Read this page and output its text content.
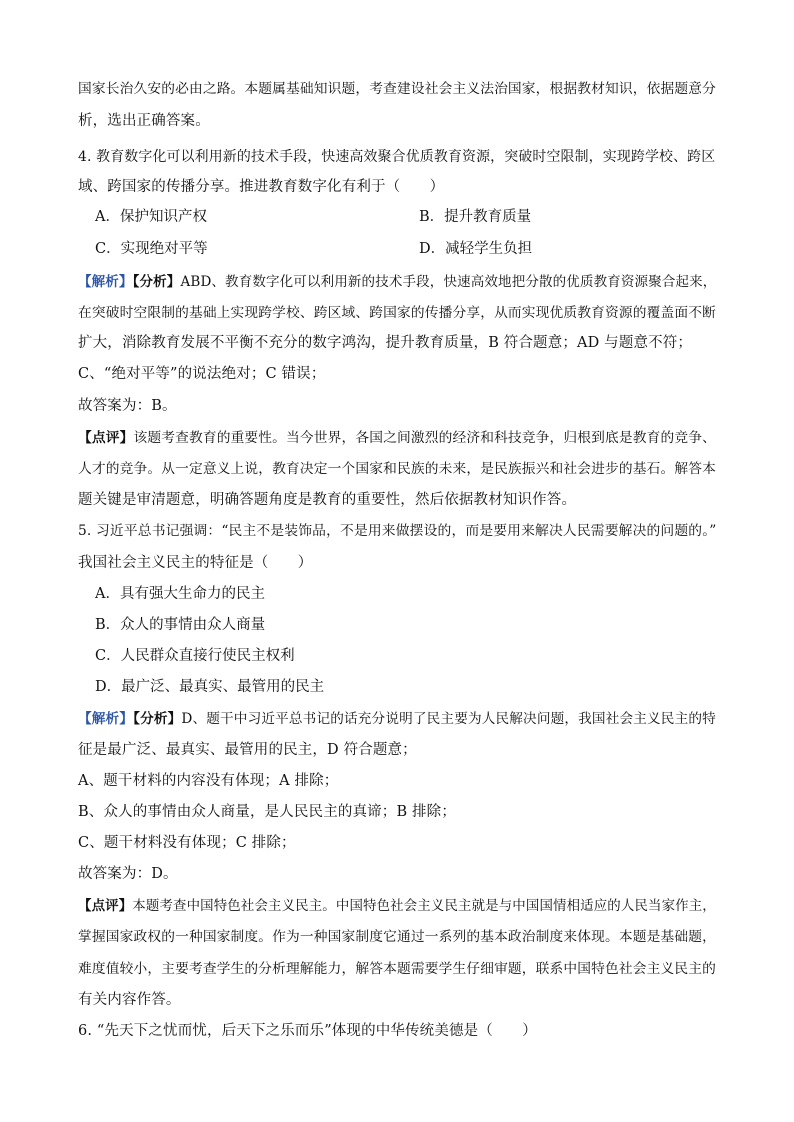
国家长治久安的必由之路。本题属基础知识题，考查建设社会主义法治国家，根据教材知识，依据题意分
析，选出正确答案。
4. 教育数字化可以利用新的技术手段，快速高效聚合优质教育资源，突破时空限制，实现跨学校、跨区
域、跨国家的传播分享。推进教育数字化有利于（　　）
A．保护知识产权	B．提升教育质量
C．实现绝对平等	D．减轻学生负担
【解析】【分析】ABD、教育数字化可以利用新的技术手段，快速高效地把分散的优质教育资源聚合起来，
在突破时空限制的基础上实现跨学校、跨区域、跨国家的传播分享，从而实现优质教育资源的覆盖面不断
扩大，消除教育发展不平衡不充分的数字鸿沟，提升教育质量，B 符合题意；AD 与题意不符；
C、“绝对平等”的说法绝对；C 错误；
故答案为：B。
【点评】该题考查教育的重要性。当今世界，各国之间激烈的经济和科技竞争，归根到底是教育的竞争、
人才的竞争。从一定意义上说，教育决定一个国家和民族的未来，是民族振兴和社会进步的基石。解答本
题关键是审清题意，明确答题角度是教育的重要性，然后依据教材知识作答。
5. 习近平总书记强调：“民主不是装饰品，不是用来做摆设的，而是要用来解决人民需要解决的问题的。”
我国社会主义民主的特征是（　　）
A．具有强大生命力的民主
B．众人的事情由众人商量
C．人民群众直接行使民主权利
D．最广泛、最真实、最管用的民主
【解析】【分析】D、题干中习近平总书记的话充分说明了民主要为人民解决问题，我国社会主义民主的特
征是最广泛、最真实、最管用的民主，D 符合题意；
A、题干材料的内容没有体现；A 排除；
B、众人的事情由众人商量，是人民民主的真谛；B 排除；
C、题干材料没有体现；C 排除；
故答案为：D。
【点评】本题考查中国特色社会主义民主。中国特色社会主义民主就是与中国国情相适应的人民当家作主，
掌握国家政权的一种国家制度。作为一种国家制度它通过一系列的基本政治制度来体现。本题是基础题，
难度值较小，主要考查学生的分析理解能力，解答本题需要学生仔细审题，联系中国特色社会主义民主的
有关内容作答。
6. “先天下之忧而忧，后天下之乐而乐”体现的中华传统美德是（　　）
